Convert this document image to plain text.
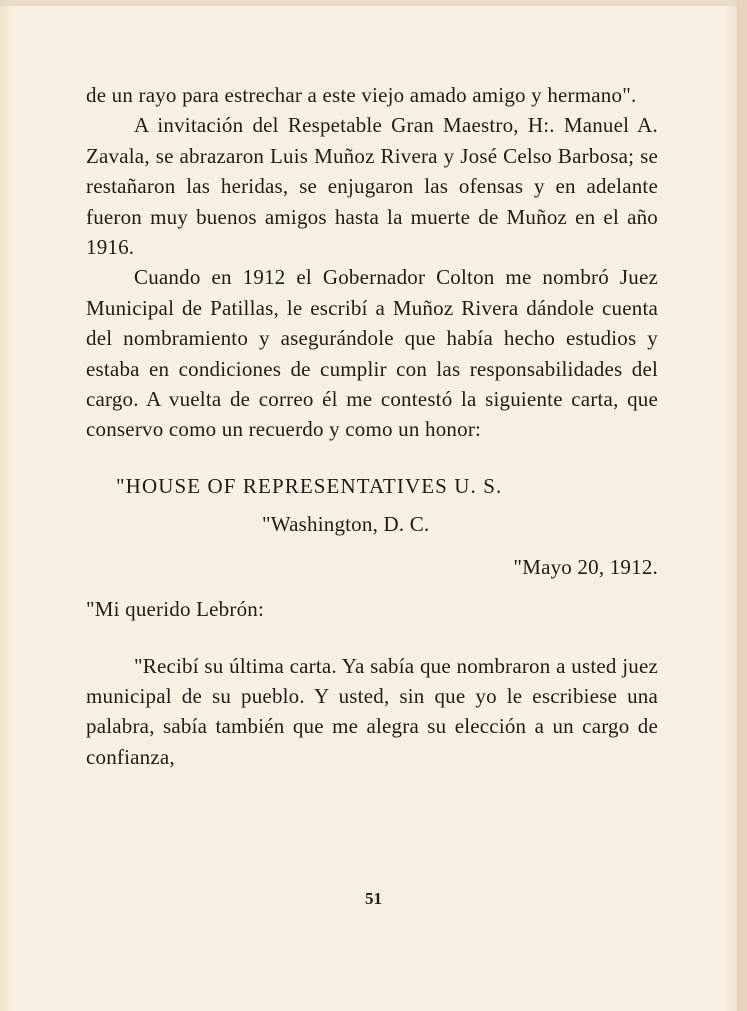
de un rayo para estrechar a este viejo amado amigo y hermano".

A invitación del Respetable Gran Maestro, H:. Manuel A. Zavala, se abrazaron Luis Muñoz Rivera y José Celso Barbosa; se restañaron las heridas, se enjugaron las ofensas y en adelante fueron muy buenos amigos hasta la muerte de Muñoz en el año 1916.

Cuando en 1912 el Gobernador Colton me nombró Juez Municipal de Patillas, le escribí a Muñoz Rivera dándole cuenta del nombramiento y asegurándole que había hecho estudios y estaba en condiciones de cumplir con las responsabilidades del cargo. A vuelta de correo él me contestó la siguiente carta, que conservo como un recuerdo y como un honor:

"HOUSE OF REPRESENTATIVES U. S.

"Washington, D. C.

"Mayo 20, 1912.

"Mi querido Lebrón:

"Recibí su última carta. Ya sabía que nombraron a usted juez municipal de su pueblo. Y usted, sin que yo le escribiese una palabra, sabía también que me alegra su elección a un cargo de confianza,

51
